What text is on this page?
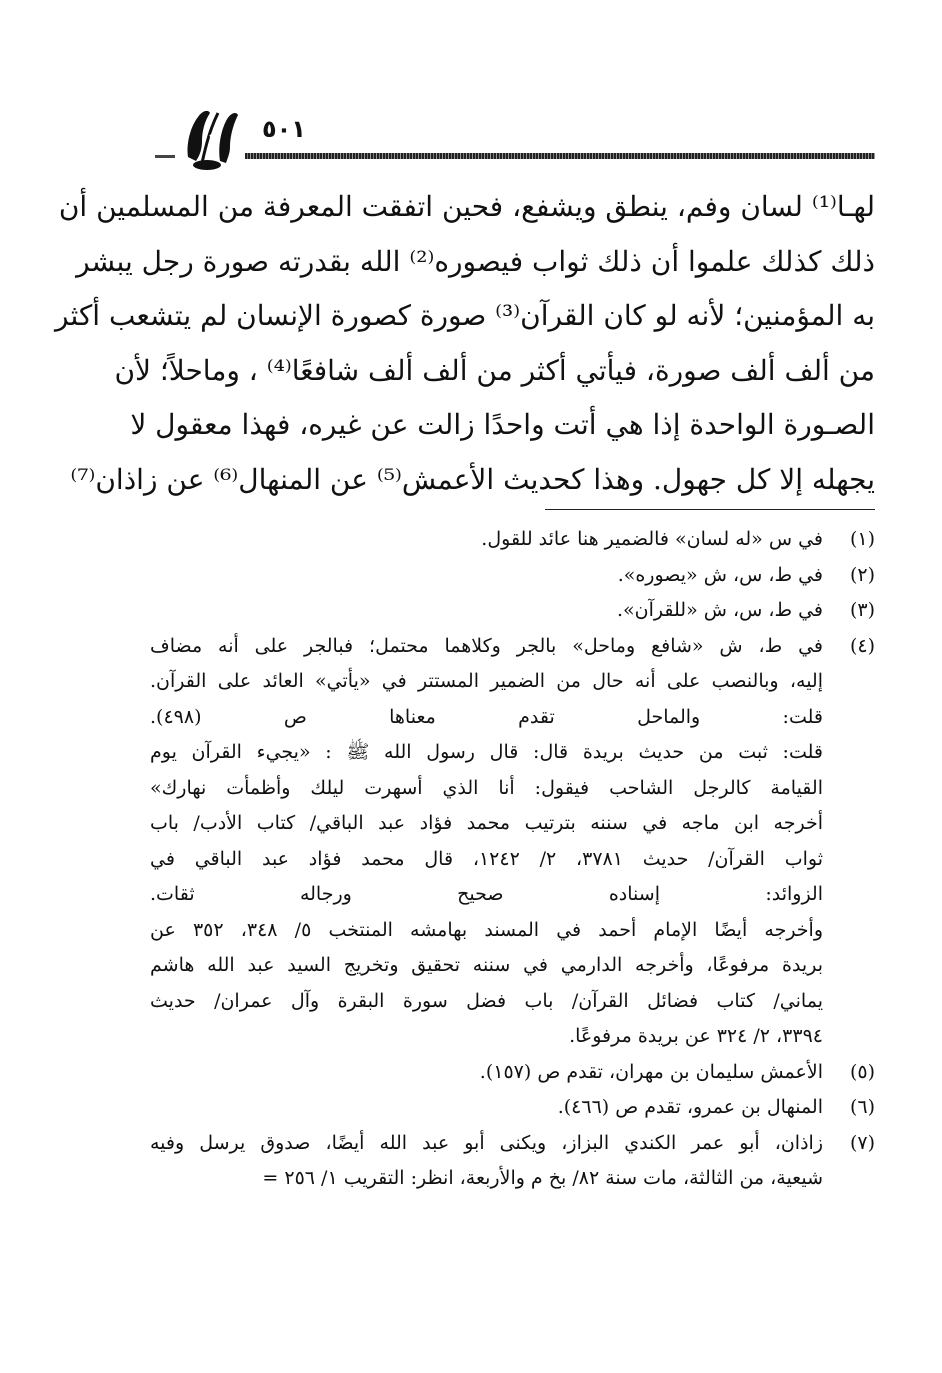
٥٠١
لهـا⁽¹⁾ لسان وفم، ينطق ويشفع، فحين اتفقت المعرفة من المسلمين أن
ذلك كذلك علموا أن ذلك ثواب فيصوره⁽²⁾ الله بقدرته صورة رجل يبشر
به المؤمنين؛ لأنه لو كان القرآن⁽³⁾ صورة كصورة الإنسان لم يتشعب أكثر
من ألف ألف صورة، فيأتي أكثر من ألف ألف شافعًا⁽⁴⁾ ، وماحلاً؛ لأن
الصـورة الواحدة إذا هي أتت واحدًا زالت عن غيره، فهذا معقول لا
يجهله إلا كل جهول. وهذا كحديث الأعمش⁽⁵⁾ عن المنهال⁽⁶⁾ عن زاذان⁽⁷⁾
(١)
في س «له لسان» فالضمير هنا عائد للقول.
(٢)
في ط، س، ش «يصوره».
(٣)
في ط، س، ش «للقرآن».
(٤)
في ط، ش «شافع وماحل» بالجر وكلاهما محتمل؛ فبالجر على أنه مضاف
إليه، وبالنصب على أنه حال من الضمير المستتر في «يأتي» العائد على القرآن.
قلت: والماحل تقدم معناها ص (٤٩٨).
قلت: ثبت من حديث بريدة قال: قال رسول الله ﷺ : «يجيء القرآن يوم
القيامة كالرجل الشاحب فيقول: أنا الذي أسهرت ليلك وأظمأت نهارك»
أخرجه ابن ماجه في سننه بترتيب محمد فؤاد عبد الباقي/ كتاب الأدب/ باب
ثواب القرآن/ حديث ٣٧٨١، ٢/ ١٢٤٢، قال محمد فؤاد عبد الباقي في
الزوائد: إسناده صحيح ورجاله ثقات.
وأخرجه أيضًا الإمام أحمد في المسند بهامشه المنتخب ٥/ ٣٤٨، ٣٥٢ عن
بريدة مرفوعًا، وأخرجه الدارمي في سننه تحقيق وتخريج السيد عبد الله هاشم
يماني/ كتاب فضائل القرآن/ باب فضل سورة البقرة وآل عمران/ حديث
٣٣٩٤، ٢/ ٣٢٤ عن بريدة مرفوعًا.
(٥)
الأعمش سليمان بن مهران، تقدم ص (١٥٧).
(٦)
المنهال بن عمرو، تقدم ص (٤٦٦).
(٧)
زاذان، أبو عمر الكندي البزاز، ويكنى أبو عبد الله أيضًا، صدوق يرسل وفيه
شيعية، من الثالثة، مات سنة ٨٢/ بخ م والأربعة، انظر: التقريب ١/ ٢٥٦ =
